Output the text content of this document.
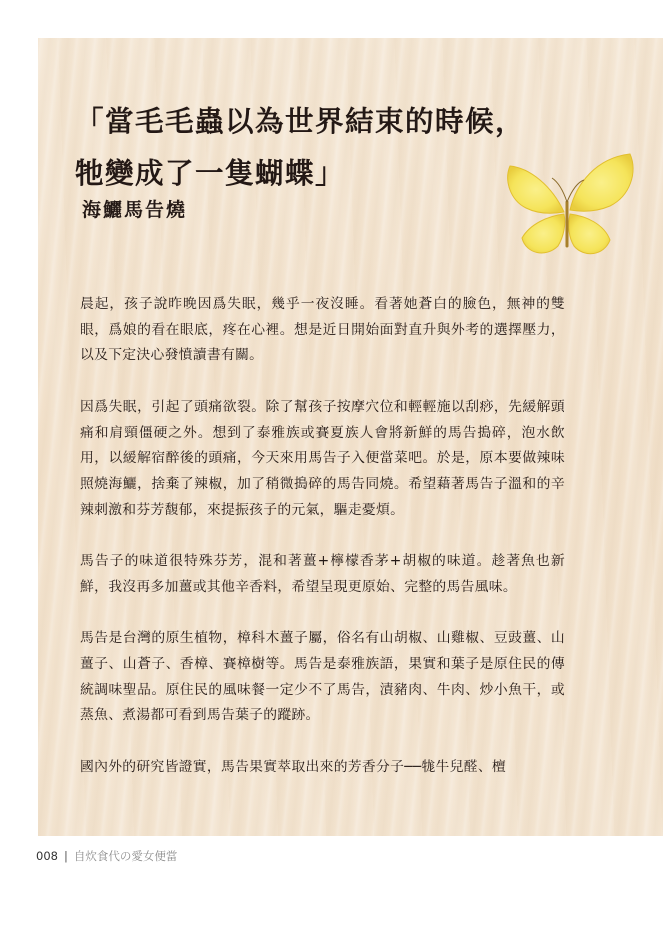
「當毛毛蟲以為世界結束的時候，
牠變成了一隻蝴蝶」
海鱺馬告燒

晨起，孩子說昨晚因爲失眠，幾乎一夜沒睡。看著她蒼白的臉色，無神的雙眼，爲娘的看在眼底，疼在心裡。想是近日開始面對直升與外考的選擇壓力，以及下定決心發憤讀書有關。

因爲失眠，引起了頭痛欲裂。除了幫孩子按摩穴位和輕輕施以刮痧，先緩解頭痛和肩頸僵硬之外。想到了泰雅族或賽夏族人會將新鮮的馬告搗碎，泡水飲用，以緩解宿醉後的頭痛，今天來用馬告子入便當菜吧。於是，原本要做辣味照燒海鱺，捨棄了辣椒，加了稍微搗碎的馬告同燒。希望藉著馬告子溫和的辛辣刺激和芬芳馥郁，來提振孩子的元氣，驅走憂煩。

馬告子的味道很特殊芬芳，混和著薑+檸檬香茅+胡椒的味道。趁著魚也新鮮，我沒再多加薑或其他辛香料，希望呈現更原始、完整的馬告風味。

馬告是台灣的原生植物，樟科木薑子屬，俗名有山胡椒、山雞椒、豆豉薑、山薑子、山蒼子、香樟、賽樟樹等。馬告是泰雅族語，果實和葉子是原住民的傳統調味聖品。原住民的風味餐一定少不了馬告，漬豬肉、牛肉、炒小魚干，或蒸魚、煮湯都可看到馬告葉子的蹤跡。

國內外的研究皆證實，馬告果實萃取出來的芳香分子──牻牛兒醛、檀

008 | 自炊食代の愛女便當
